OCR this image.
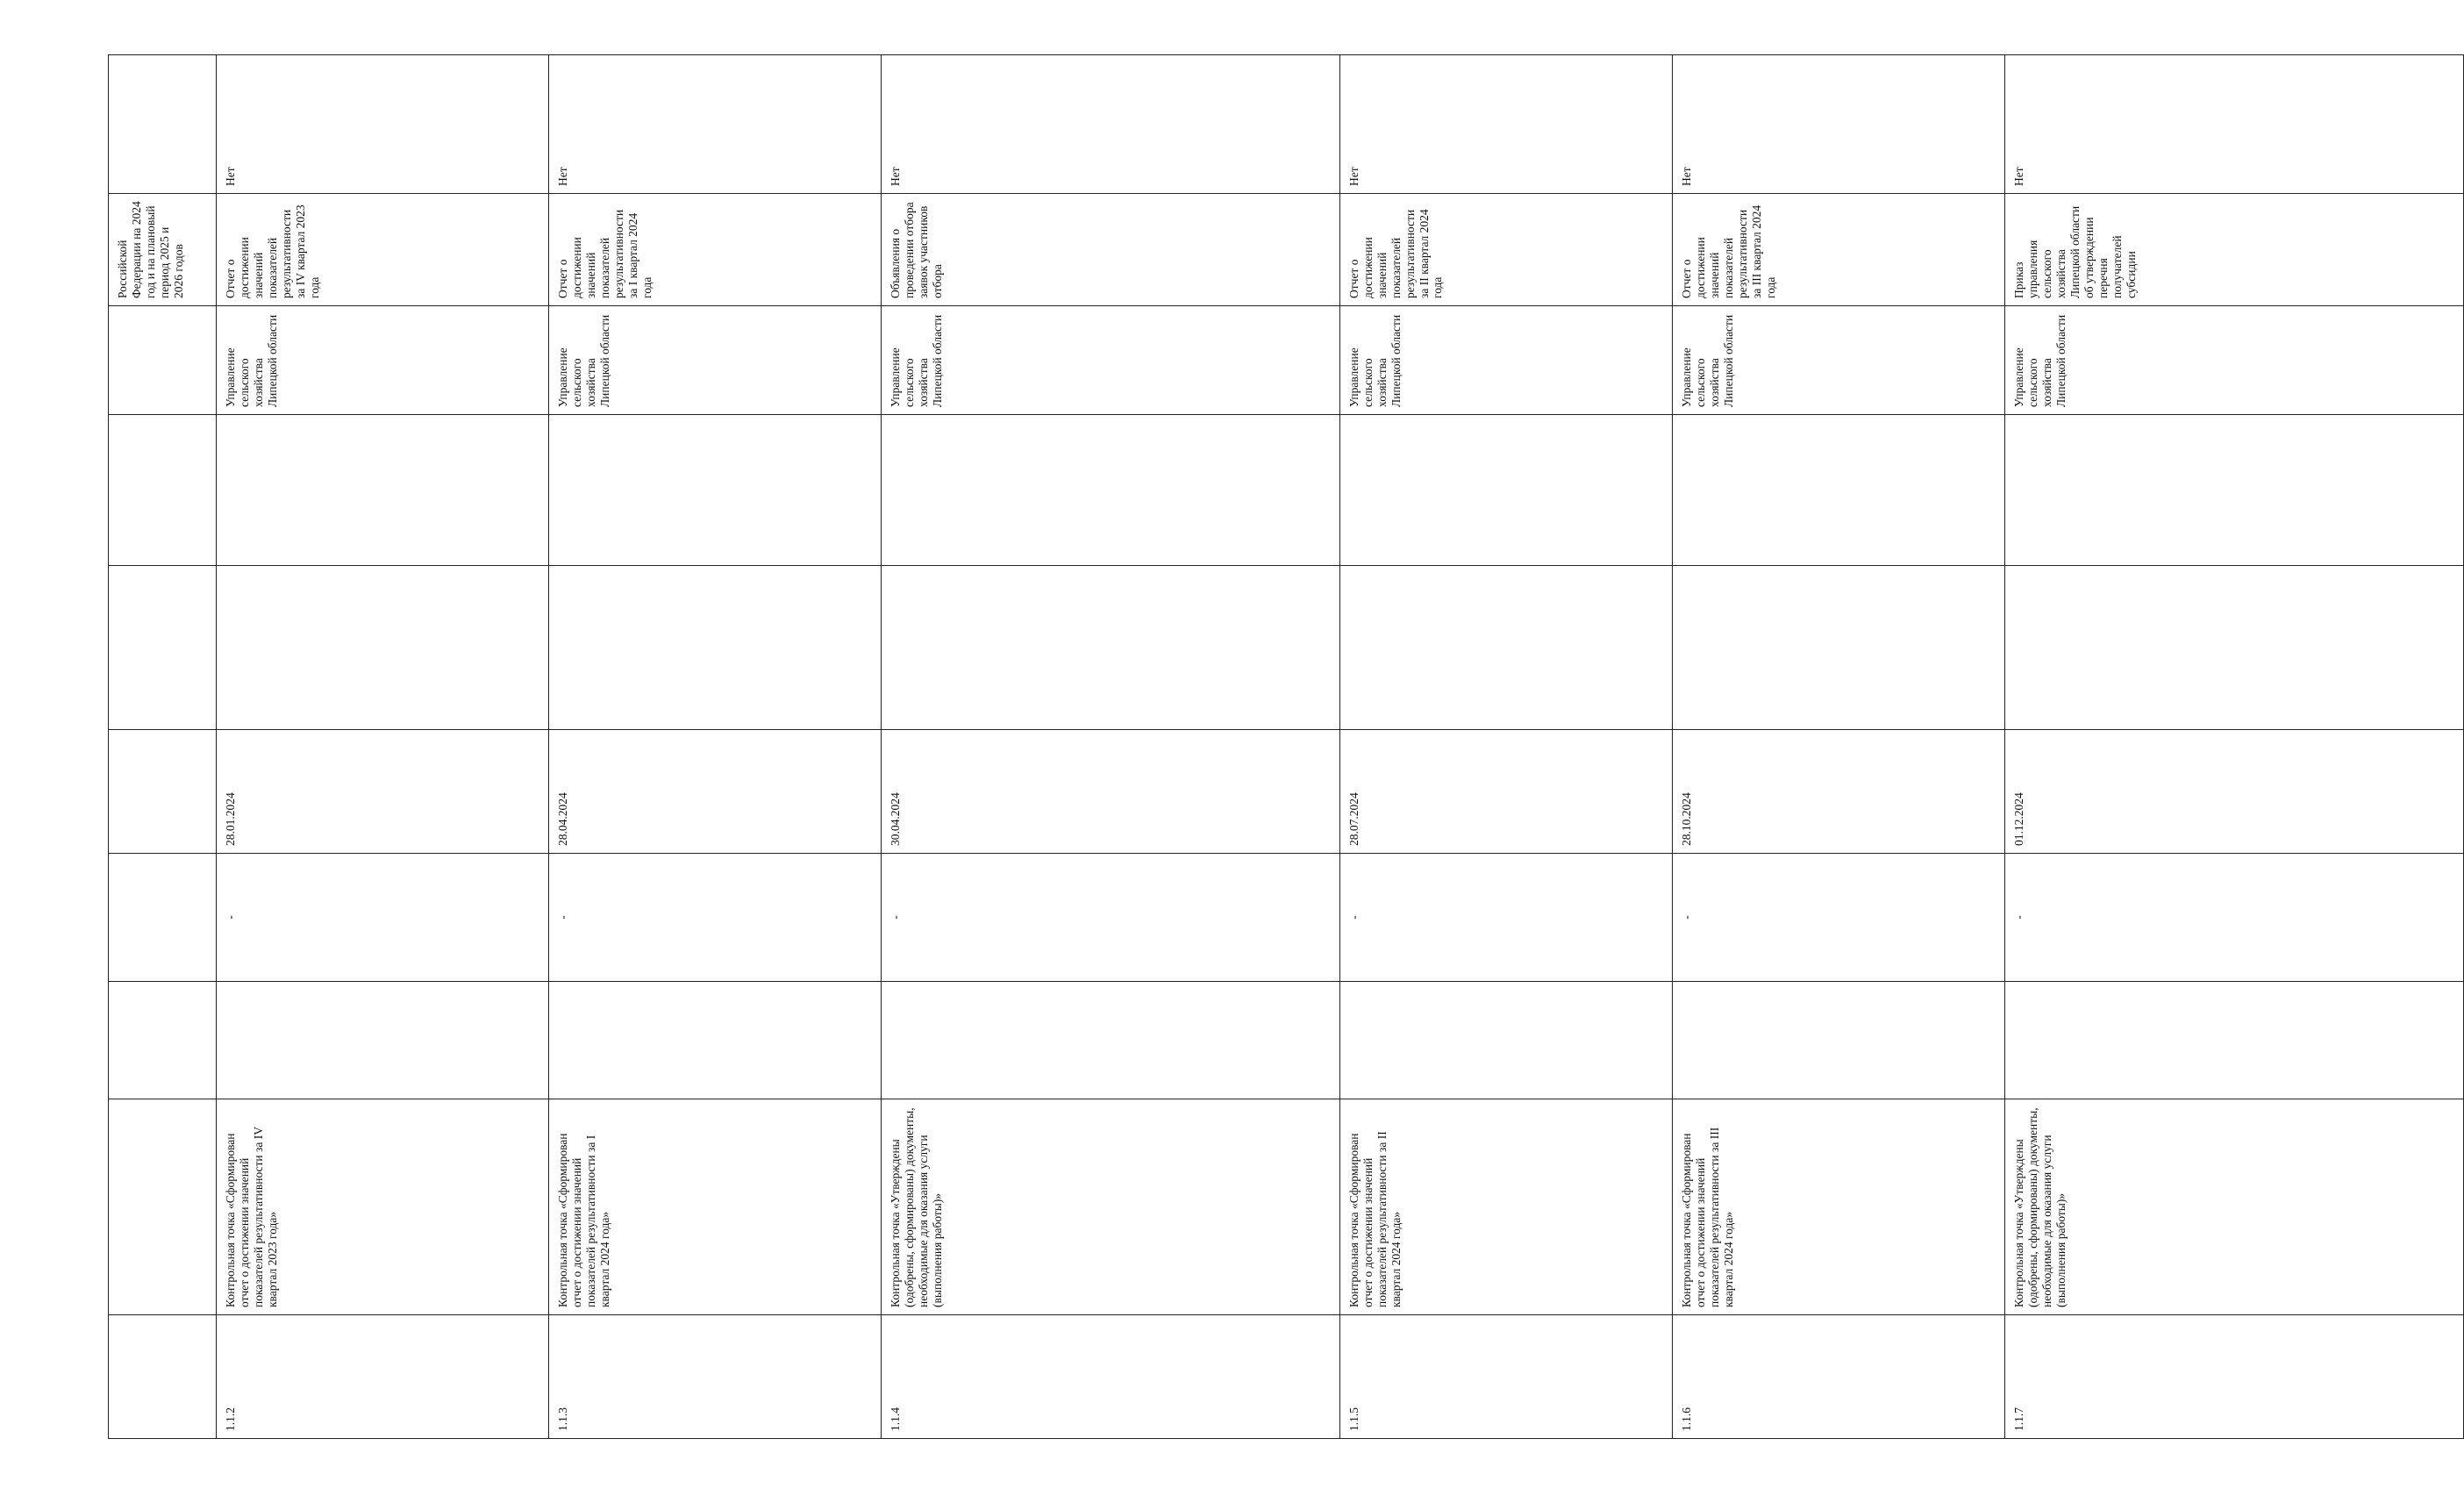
								Российской Федерации на 2024 год и на плановый период 2025 и 2026 годов		
1.1.2	Контрольная точка «Сформирован отчет о достижении значений показателей результативности за IV квартал 2023 года»		-	28.01.2024			Управление сельского хозяйства Липецкой области	Отчет о достижении значений показателей результативности за IV квартал 2023 года	Нет	
1.1.3	Контрольная точка «Сформирован отчет о достижении значений показателей результативности за I квартал 2024 года»		-	28.04.2024			Управление сельского хозяйства Липецкой области	Отчет о достижении значений показателей результативности за I квартал 2024 года	Нет	
1.1.4	Контрольная точка «Утверждены (одобрены, сформированы) документы, необходимые для оказания услуги (выполнения работы)»		-	30.04.2024			Управление сельского хозяйства Липецкой области	Объявления о проведении отбора заявок участников отбора	Нет	
1.1.5	Контрольная точка «Сформирован отчет о достижении значений показателей результативности за II квартал 2024 года»		-	28.07.2024			Управление сельского хозяйства Липецкой области	Отчет о достижении значений показателей результативности за II квартал 2024 года	Нет	
1.1.6	Контрольная точка «Сформирован отчет о достижении значений показателей результативности за III квартал 2024 года»		-	28.10.2024			Управление сельского хозяйства Липецкой области	Отчет о достижении значений показателей результативности за III квартал 2024 года	Нет	
1.1.7	Контрольная точка «Утверждены (одобрены, сформированы) документы, необходимые для оказания услуги (выполнения работы)»		-	01.12.2024			Управление сельского хозяйства Липецкой области	Приказ управления сельского хозяйства Липецкой области об утверждении перечня получателей субсидии	Нет	
